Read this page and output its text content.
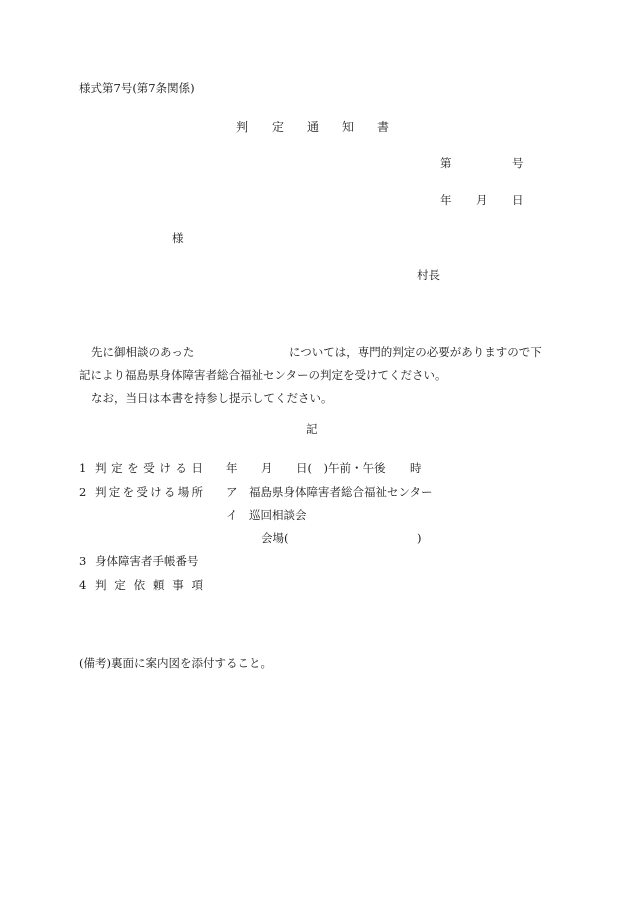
様式第7号(第7条関係)

判 定 通 知 書

第	号

年 月 日

様

村長

先に御相談のあった	については，専門的判定の必要がありますので下

記により福島県身体障害者総合福祉センターの判定を受けてください。

なお，当日は本書を持参し提示してください。

記

1 判定を受ける日 年 月 日(　)午前・午後 時

2 判定を受ける場所 ア　福島県身体障害者総合福祉センター

イ　巡回相談会

会場(	)

3 身体障害者手帳番号

4 判定依頼事項

(備考)裏面に案内図を添付すること。
